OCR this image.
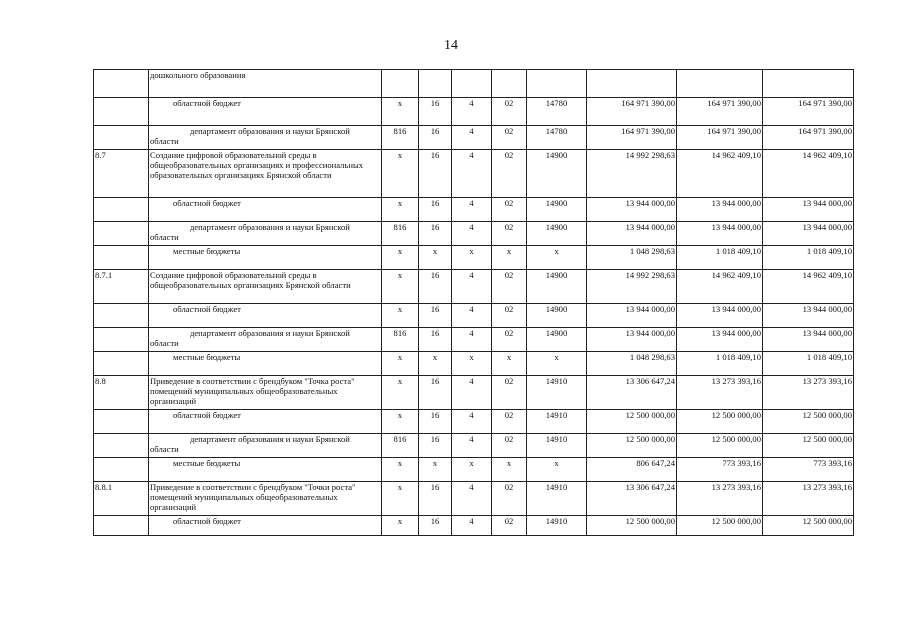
14
	дошкольного образования								
	областной бюджет	х	16	4	02	14780	164 971 390,00	164 971 390,00	164 971 390,00
	департамент образования и науки Брянской области	816	16	4	02	14780	164 971 390,00	164 971 390,00	164 971 390,00
8.7	Создание цифровой образовательной среды в общеобразовательных организациях и профессиональных образовательных организациях Брянской области	х	16	4	02	14900	14 992 298,63	14 962 409,10	14 962 409,10
	областной бюджет	х	16	4	02	14900	13 944 000,00	13 944 000,00	13 944 000,00
	департамент образования и науки Брянской области	816	16	4	02	14900	13 944 000,00	13 944 000,00	13 944 000,00
	местные бюджеты	х	х	х	х	х	1 048 298,63	1 018 409,10	1 018 409,10
8.7.1	Создание цифровой образовательной среды в общеобразовательных организациях Брянской области	х	16	4	02	14900	14 992 298,63	14 962 409,10	14 962 409,10
	областной бюджет	х	16	4	02	14900	13 944 000,00	13 944 000,00	13 944 000,00
	департамент образования и науки Брянской области	816	16	4	02	14900	13 944 000,00	13 944 000,00	13 944 000,00
	местные бюджеты	х	х	х	х	х	1 048 298,63	1 018 409,10	1 018 409,10
8.8	Приведение в соответствии с брендбуком "Точка роста" помещений муниципальных общеобразовательных организаций	х	16	4	02	14910	13 306 647,24	13 273 393,16	13 273 393,16
	областной бюджет	х	16	4	02	14910	12 500 000,00	12 500 000,00	12 500 000,00
	департамент образования и науки Брянской области	816	16	4	02	14910	12 500 000,00	12 500 000,00	12 500 000,00
	местные бюджеты	х	х	х	х	х	806 647,24	773 393,16	773 393,16
8.8.1	Приведение в соответствии с брендбуком "Точки роста" помещений муниципальных общеобразовательных организаций	х	16	4	02	14910	13 306 647,24	13 273 393,16	13 273 393,16
	областной бюджет	х	16	4	02	14910	12 500 000,00	12 500 000,00	12 500 000,00
